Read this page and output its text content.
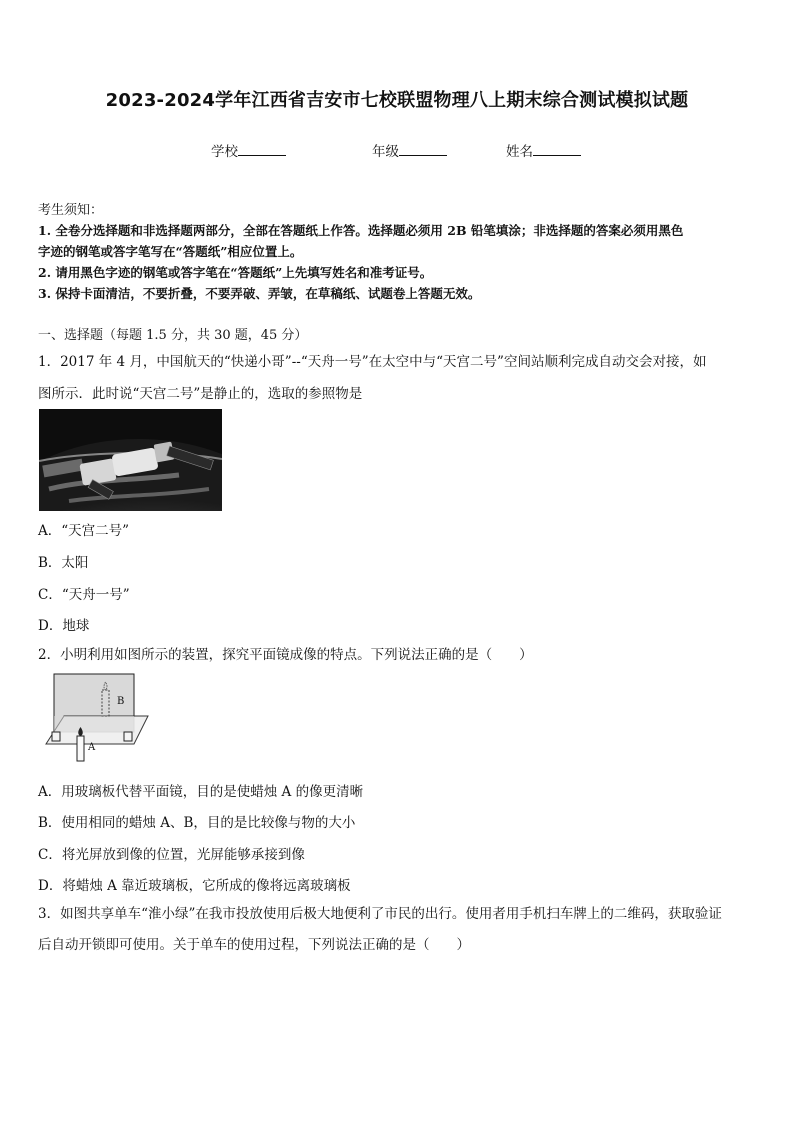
2023-2024学年江西省吉安市七校联盟物理八上期末综合测试模拟试题
学校	年级	姓名
考生须知：
1. 全卷分选择题和非选择题两部分，全部在答题纸上作答。选择题必须用 2B 铅笔填涂；非选择题的答案必须用黑色
字迹的钢笔或答字笔写在“答题纸”相应位置上。
2. 请用黑色字迹的钢笔或答字笔在“答题纸”上先填写姓名和准考证号。
3. 保持卡面清洁，不要折叠，不要弄破、弄皱，在草稿纸、试题卷上答题无效。
一、选择题（每题 1.5 分，共 30 题，45 分）
1．2017 年 4 月，中国航天的“快递小哥”--“天舟一号”在太空中与“天宫二号”空间站顺利完成自动交会对接，如
图所示．此时说“天宫二号”是静止的，选取的参照物是
A．“天宫二号”
B．太阳
C．“天舟一号”
D．地球
2．小明利用如图所示的装置，探究平面镜成像的特点。下列说法正确的是（　　）
B
A
A．用玻璃板代替平面镜，目的是使蜡烛 A 的像更清晰
B．使用相同的蜡烛 A、B，目的是比较像与物的大小
C．将光屏放到像的位置，光屏能够承接到像
D．将蜡烛 A 靠近玻璃板，它所成的像将远离玻璃板
3．如图共享单车“淮小绿”在我市投放使用后极大地便利了市民的出行。使用者用手机扫车牌上的二维码，获取验证
后自动开锁即可使用。关于单车的使用过程，下列说法正确的是（　　）
